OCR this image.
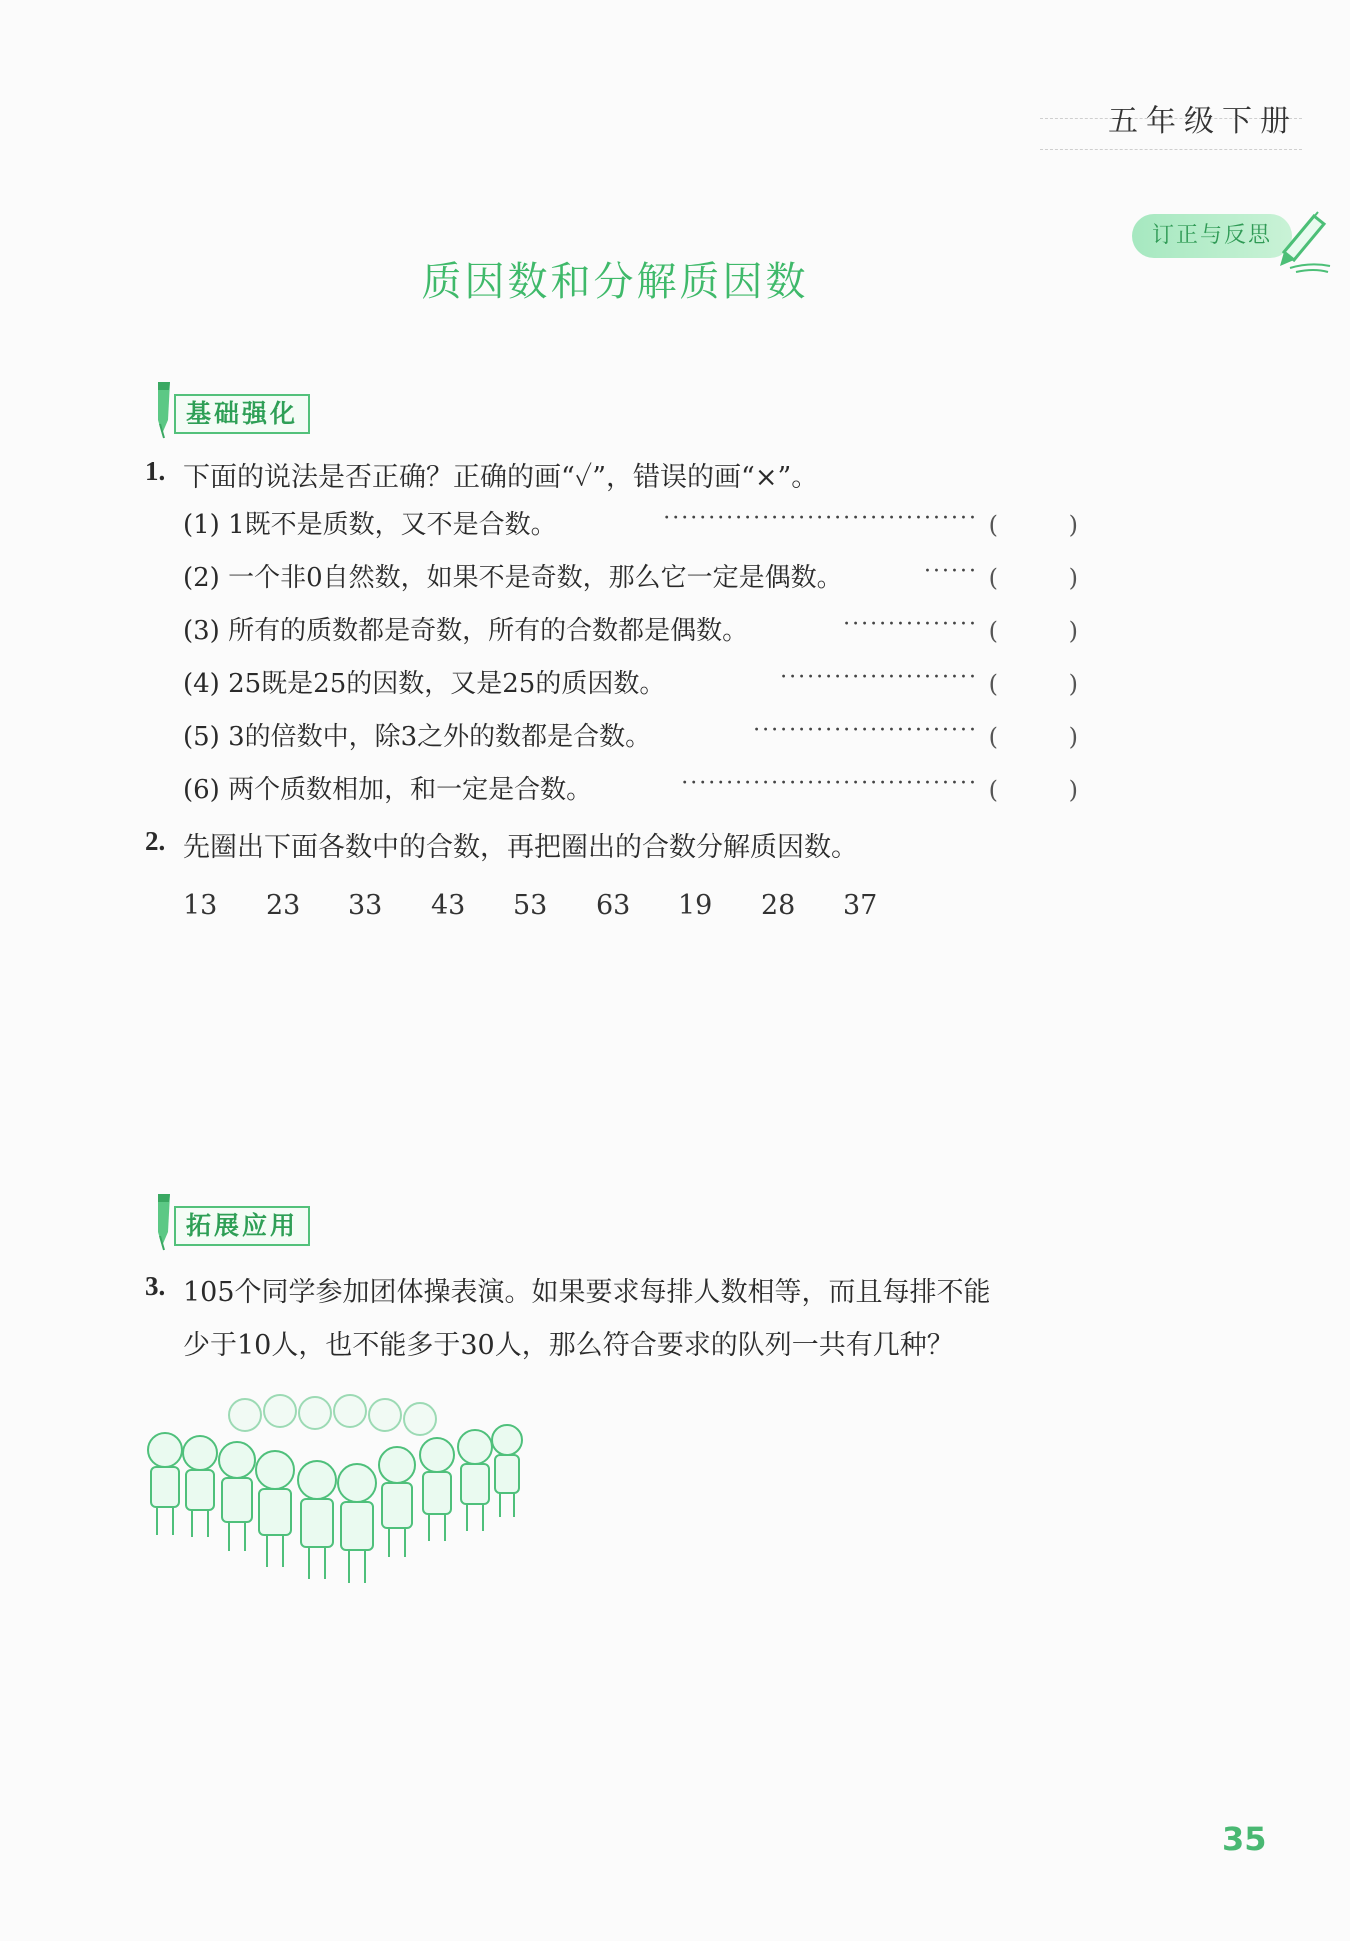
五年级下册
订正与反思
质因数和分解质因数
基础强化
1. 下面的说法是否正确？正确的画“✓”，错误的画“×”。
(1) 1既不是质数，又不是合数。	··································· (	)
(2) 一个非0自然数，如果不是奇数，那么它一定是偶数。	······ (	)
(3) 所有的质数都是奇数，所有的合数都是偶数。	··············· (	)
(4) 25既是25的因数，又是25的质因数。	······················ (	)
(5) 3的倍数中，除3之外的数都是合数。	························· (	)
(6) 两个质数相加，和一定是合数。	································· (	)
2. 先圈出下面各数中的合数，再把圈出的合数分解质因数。
13 23 33 43 53 63 19 28 37
拓展应用
3. 105个同学参加团体操表演。如果要求每排人数相等，而且每排不能
少于10人，也不能多于30人，那么符合要求的队列一共有几种？
35
